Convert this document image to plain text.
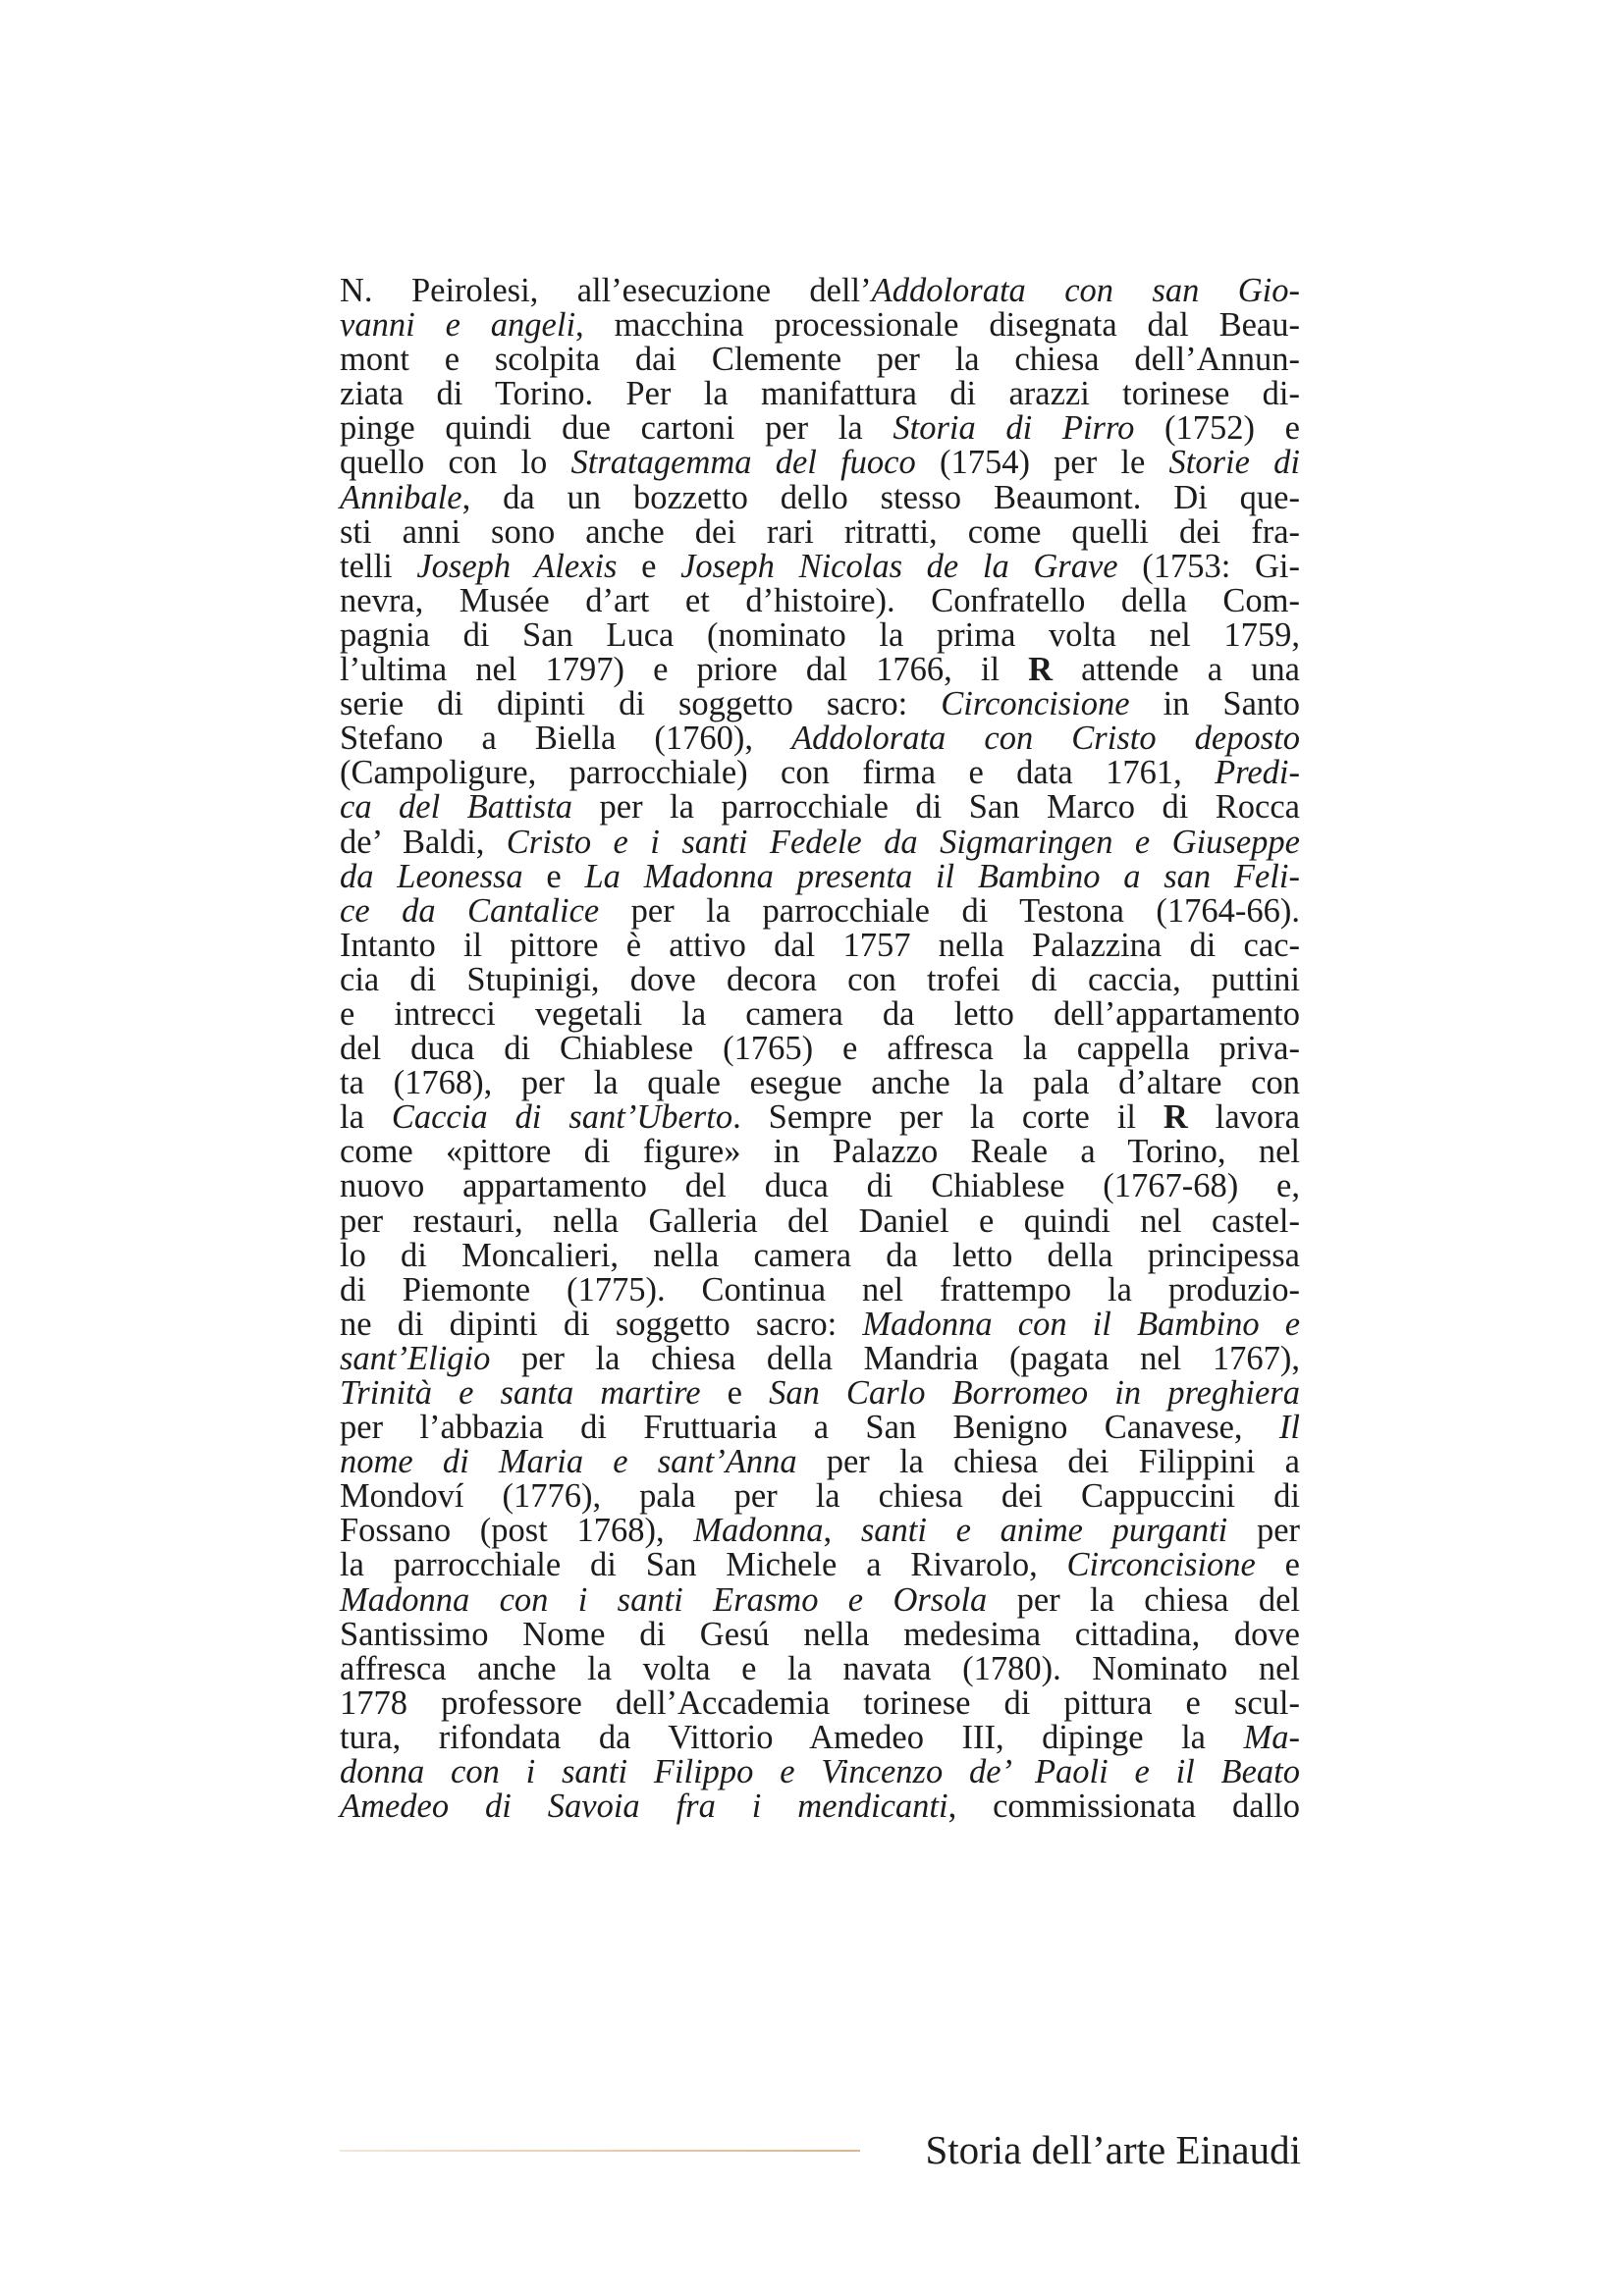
N. Peirolesi, all’esecuzione dell’Addolorata con san Gio-
vanni e angeli, macchina processionale disegnata dal Beau-
mont e scolpita dai Clemente per la chiesa dell’Annun-
ziata di Torino. Per la manifattura di arazzi torinese di-
pinge quindi due cartoni per la Storia di Pirro (1752) e
quello con lo Stratagemma del fuoco (1754) per le Storie di
Annibale, da un bozzetto dello stesso Beaumont. Di que-
sti anni sono anche dei rari ritratti, come quelli dei fra-
telli Joseph Alexis e Joseph Nicolas de la Grave (1753: Gi-
nevra, Musée d’art et d’histoire). Confratello della Com-
pagnia di San Luca (nominato la prima volta nel 1759,
l’ultima nel 1797) e priore dal 1766, il R attende a una
serie di dipinti di soggetto sacro: Circoncisione in Santo
Stefano a Biella (1760), Addolorata con Cristo deposto
(Campoligure, parrocchiale) con firma e data 1761, Predi-
ca del Battista per la parrocchiale di San Marco di Rocca
de’ Baldi, Cristo e i santi Fedele da Sigmaringen e Giuseppe
da Leonessa e La Madonna presenta il Bambino a san Feli-
ce da Cantalice per la parrocchiale di Testona (1764-66).
Intanto il pittore è attivo dal 1757 nella Palazzina di cac-
cia di Stupinigi, dove decora con trofei di caccia, puttini
e intrecci vegetali la camera da letto dell’appartamento
del duca di Chiablese (1765) e affresca la cappella priva-
ta (1768), per la quale esegue anche la pala d’altare con
la Caccia di sant’Uberto. Sempre per la corte il R lavora
come «pittore di figure» in Palazzo Reale a Torino, nel
nuovo appartamento del duca di Chiablese (1767-68) e,
per restauri, nella Galleria del Daniel e quindi nel castel-
lo di Moncalieri, nella camera da letto della principessa
di Piemonte (1775). Continua nel frattempo la produzio-
ne di dipinti di soggetto sacro: Madonna con il Bambino e
sant’Eligio per la chiesa della Mandria (pagata nel 1767),
Trinità e santa martire e San Carlo Borromeo in preghiera
per l’abbazia di Fruttuaria a San Benigno Canavese, Il
nome di Maria e sant’Anna per la chiesa dei Filippini a
Mondoví (1776), pala per la chiesa dei Cappuccini di
Fossano (post 1768), Madonna, santi e anime purganti per
la parrocchiale di San Michele a Rivarolo, Circoncisione e
Madonna con i santi Erasmo e Orsola per la chiesa del
Santissimo Nome di Gesú nella medesima cittadina, dove
affresca anche la volta e la navata (1780). Nominato nel
1778 professore dell’Accademia torinese di pittura e scul-
tura, rifondata da Vittorio Amedeo III, dipinge la Ma-
donna con i santi Filippo e Vincenzo de’ Paoli e il Beato
Amedeo di Savoia fra i mendicanti, commissionata dallo
Storia dell’arte Einaudi
